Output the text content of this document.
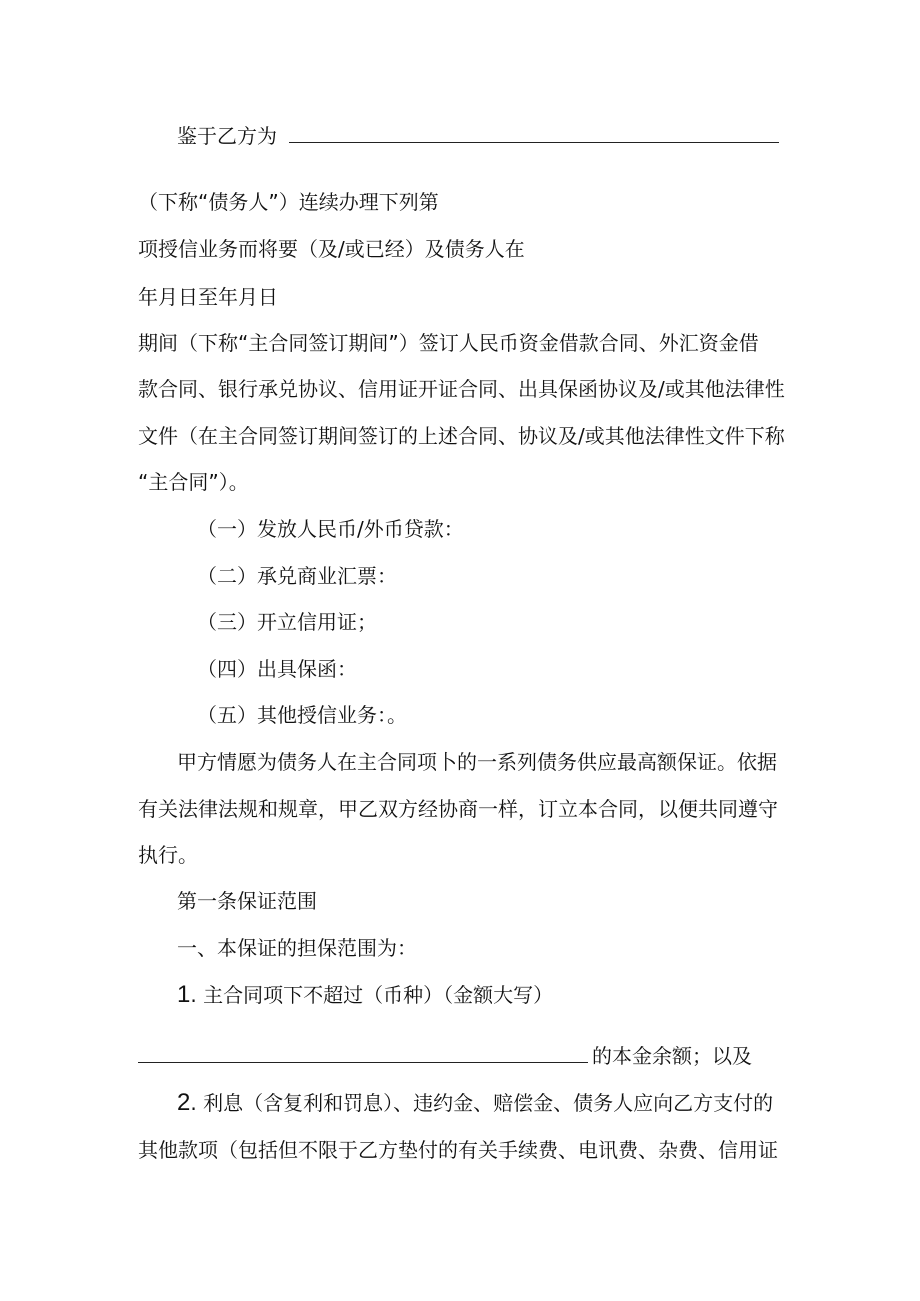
鉴于乙方为
（下称“债务人”）连续办理下列第
项授信业务而将要（及/或已经）及债务人在
年月日至年月日
期间（下称“主合同签订期间”）签订人民币资金借款合同、外汇资金借
款合同、银行承兑协议、信用证开证合同、出具保函协议及/或其他法律性
文件（在主合同签订期间签订的上述合同、协议及/或其他法律性文件下称
“主合同”）。
（一）发放人民币/外币贷款：
（二）承兑商业汇票：
（三）开立信用证；
（四）出具保函：
（五）其他授信业务：。
甲方情愿为债务人在主合同项卜的一系列债务供应最高额保证。依据
有关法律法规和规章，甲乙双方经协商一样，订立本合同，以便共同遵守
执行。
第一条保证范围
一、本保证的担保范围为：
1. 主合同项下不超过（币种）（金额大写）
的本金余额；以及
2. 利息（含复利和罚息）、违约金、赔偿金、债务人应向乙方支付的
其他款项（包括但不限于乙方垫付的有关手续费、电讯费、杂费、信用证
